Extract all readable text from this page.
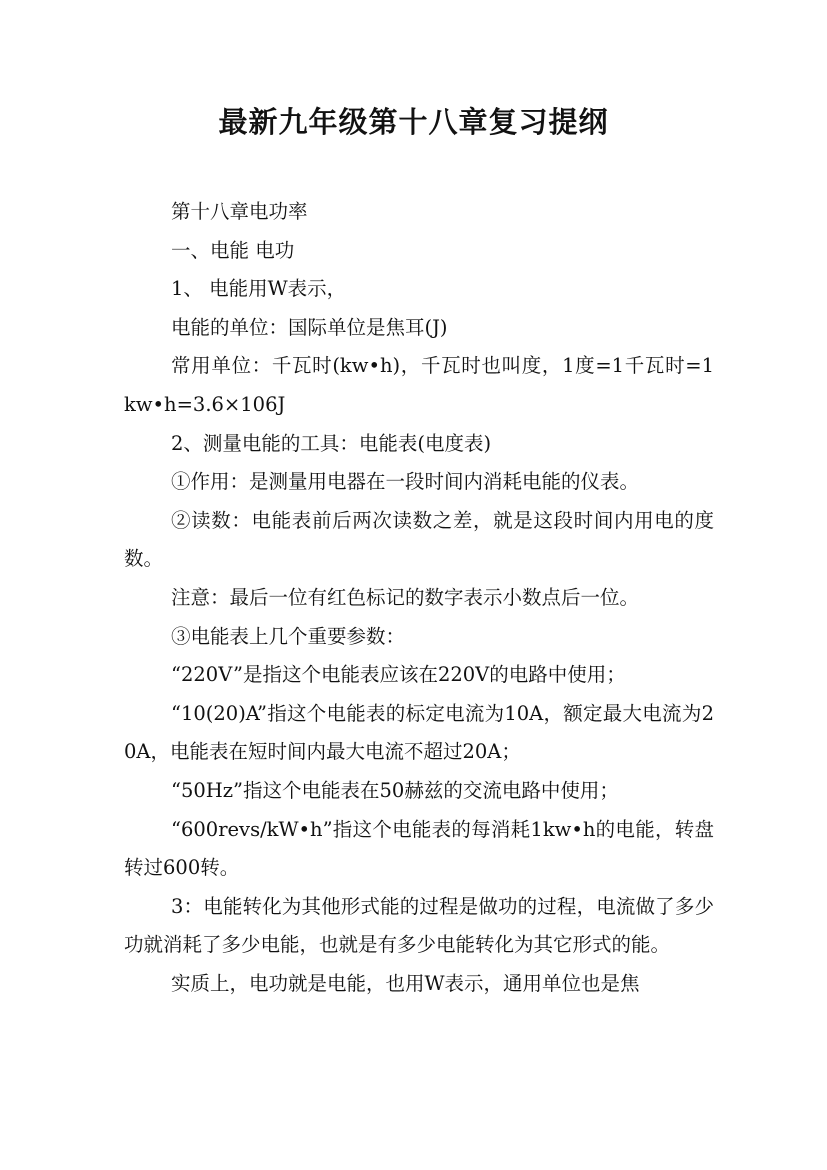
最新九年级第十八章复习提纲

第十八章电功率

一、电能 电功

1、 电能用W表示，

电能的单位：国际单位是焦耳(J)

常用单位：千瓦时(kw•h)，千瓦时也叫度，1度=1千瓦时=1 kw•h=3.6×106J

2、测量电能的工具：电能表(电度表)

①作用：是测量用电器在一段时间内消耗电能的仪表。

②读数：电能表前后两次读数之差，就是这段时间内用电的度数。

注意：最后一位有红色标记的数字表示小数点后一位。

③电能表上几个重要参数：

“220V”是指这个电能表应该在220V的电路中使用；

“10(20)A”指这个电能表的标定电流为10A，额定最大电流为20A，电能表在短时间内最大电流不超过20A；

“50Hz”指这个电能表在50赫兹的交流电路中使用；

“600revs/kW•h”指这个电能表的每消耗1kw•h的电能，转盘转过600转。

3：电能转化为其他形式能的过程是做功的过程，电流做了多少功就消耗了多少电能，也就是有多少电能转化为其它形式的能。

实质上，电功就是电能，也用W表示，通用单位也是焦
